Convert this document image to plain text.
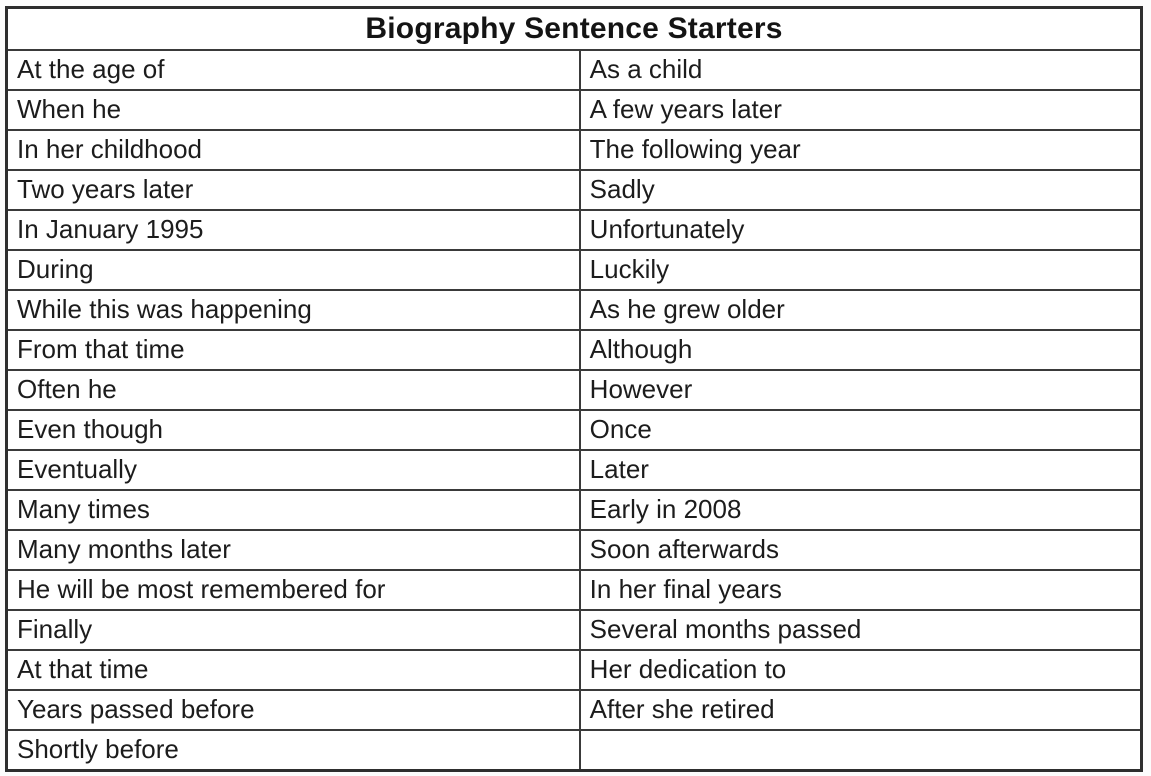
Biography Sentence Starters	
At the age of	As a child
When he	A few years later
In her childhood	The following year
Two years later	Sadly
In January 1995	Unfortunately
During	Luckily
While this was happening	As he grew older
From that time	Although
Often he	However
Even though	Once
Eventually	Later
Many times	Early in 2008
Many months later	Soon afterwards
He will be most remembered for	In her final years
Finally	Several months passed
At that time	Her dedication to
Years passed before	After she retired
Shortly before	
